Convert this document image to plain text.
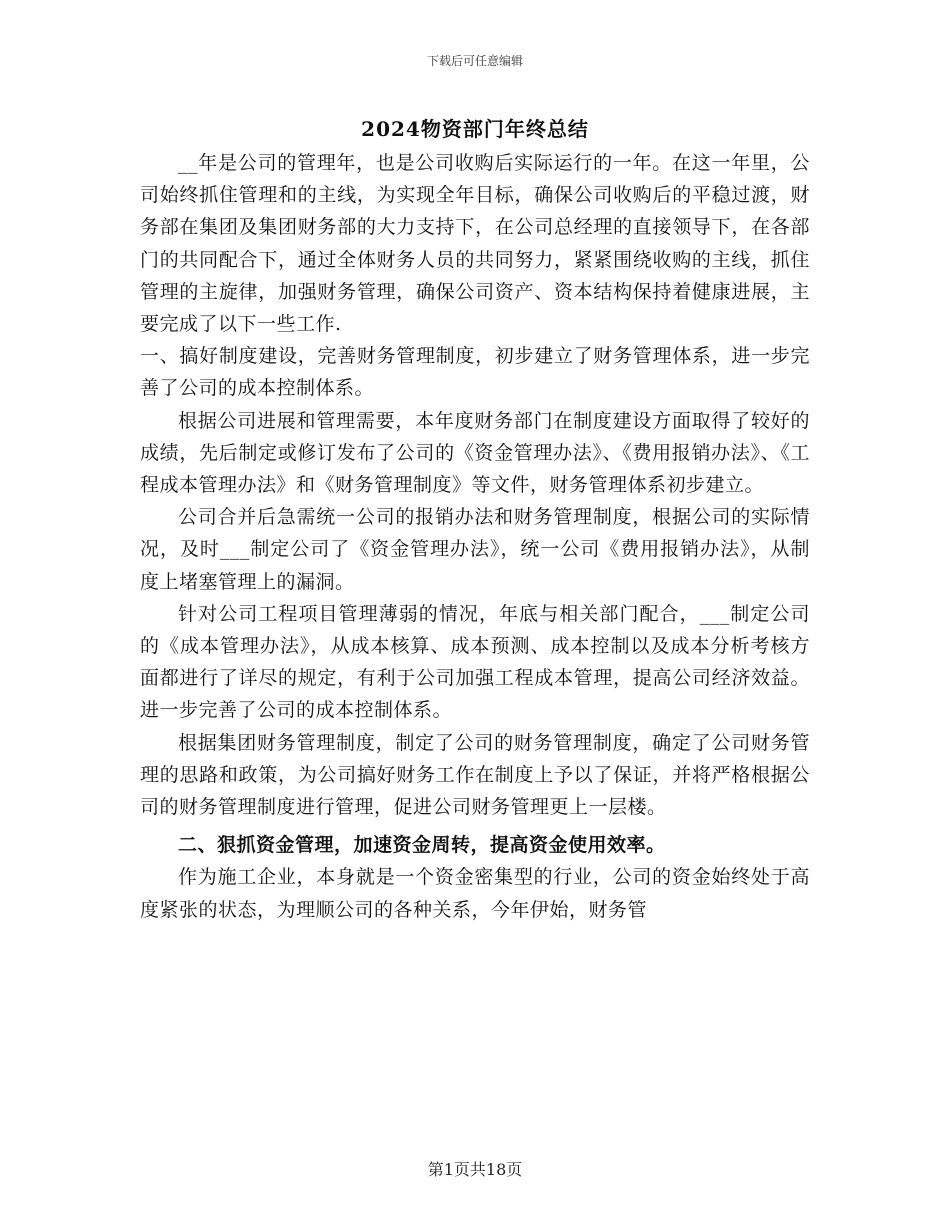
下载后可任意编辑
2024物资部门年终总结

__年是公司的管理年，也是公司收购后实际运行的一年。在这一年里，公司始终抓住管理和的主线，为实现全年目标，确保公司收购后的平稳过渡，财务部在集团及集团财务部的大力支持下，在公司总经理的直接领导下，在各部门的共同配合下，通过全体财务人员的共同努力，紧紧围绕收购的主线，抓住管理的主旋律，加强财务管理，确保公司资产、资本结构保持着健康进展，主要完成了以下一些工作.

一、搞好制度建设，完善财务管理制度，初步建立了财务管理体系，进一步完善了公司的成本控制体系。

根据公司进展和管理需要，本年度财务部门在制度建设方面取得了较好的成绩，先后制定或修订发布了公司的《资金管理办法》、《费用报销办法》、《工程成本管理办法》和《财务管理制度》等文件，财务管理体系初步建立。

公司合并后急需统一公司的报销办法和财务管理制度，根据公司的实际情况，及时___制定公司了《资金管理办法》，统一公司《费用报销办法》，从制度上堵塞管理上的漏洞。

针对公司工程项目管理薄弱的情况，年底与相关部门配合，___制定公司的《成本管理办法》，从成本核算、成本预测、成本控制以及成本分析考核方面都进行了详尽的规定，有利于公司加强工程成本管理，提高公司经济效益。进一步完善了公司的成本控制体系。

根据集团财务管理制度，制定了公司的财务管理制度，确定了公司财务管理的思路和政策，为公司搞好财务工作在制度上予以了保证，并将严格根据公司的财务管理制度进行管理，促进公司财务管理更上一层楼。

二、狠抓资金管理，加速资金周转，提高资金使用效率。

作为施工企业，本身就是一个资金密集型的行业，公司的资金始终处于高度紧张的状态，为理顺公司的各种关系，今年伊始，财务管

第1页共18页
